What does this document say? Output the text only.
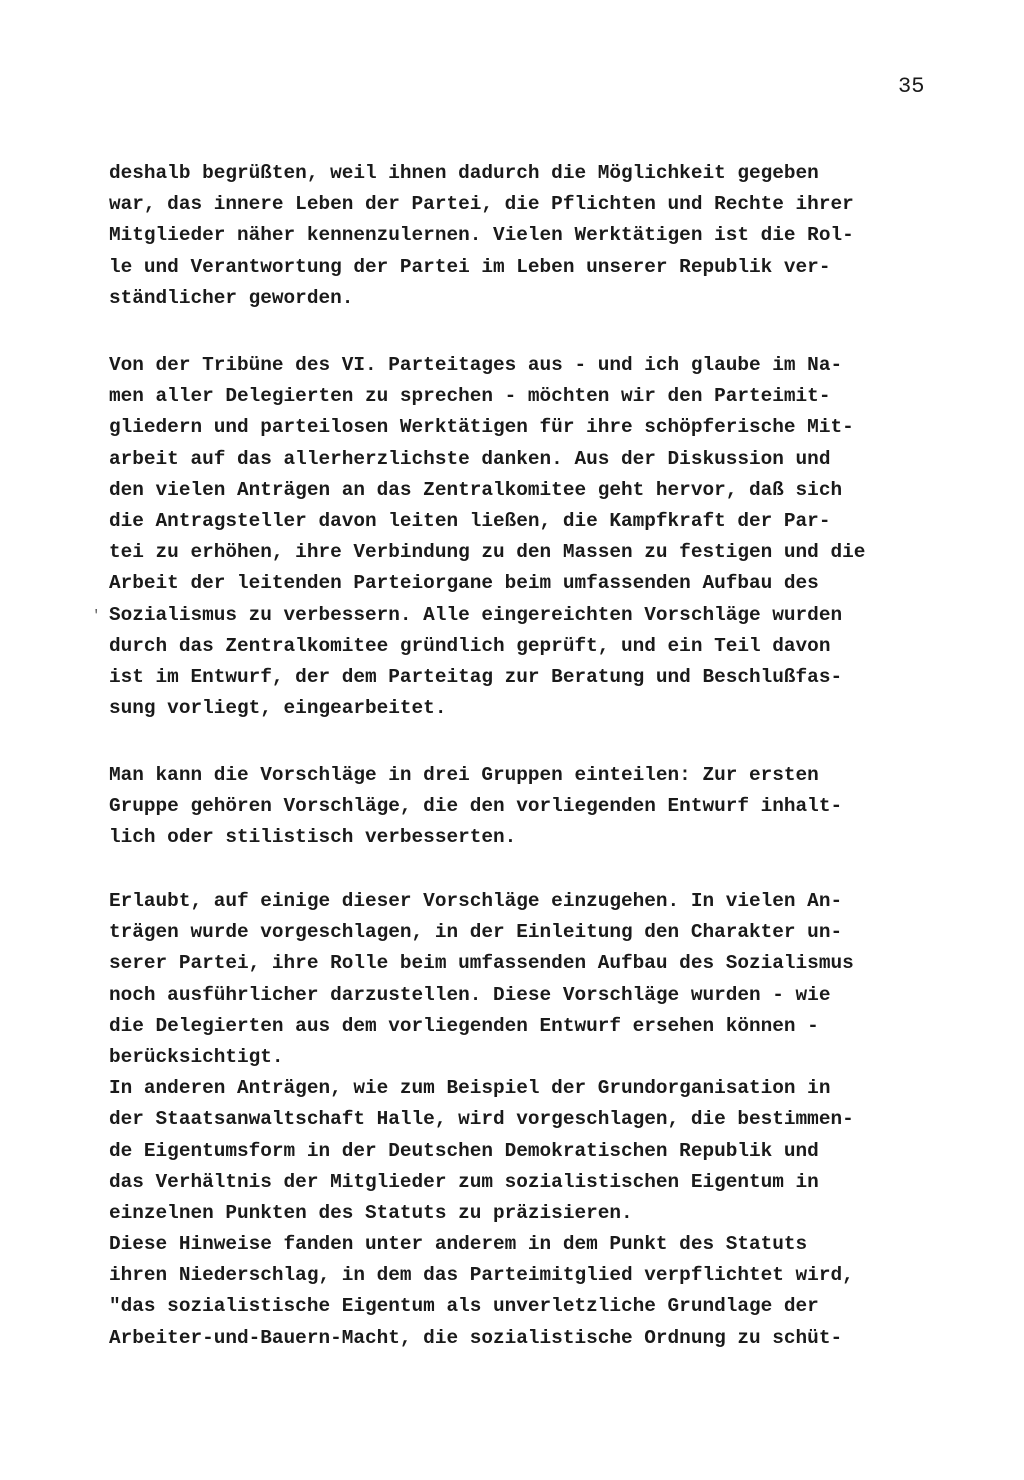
35
'
deshalb begrüßten, weil ihnen dadurch die Möglichkeit gegeben
war, das innere Leben der Partei, die Pflichten und Rechte ihrer
Mitglieder näher kennenzulernen. Vielen Werktätigen ist die Rol-
le und Verantwortung der Partei im Leben unserer Republik ver-
ständlicher geworden.
Von der Tribüne des VI. Parteitages aus - und ich glaube im Na-
men aller Delegierten zu sprechen - möchten wir den Parteimit-
gliedern und parteilosen Werktätigen für ihre schöpferische Mit-
arbeit auf das allerherzlichste danken. Aus der Diskussion und
den vielen Anträgen an das Zentralkomitee geht hervor, daß sich
die Antragsteller davon leiten ließen, die Kampfkraft der Par-
tei zu erhöhen, ihre Verbindung zu den Massen zu festigen und die
Arbeit der leitenden Parteiorgane beim umfassenden Aufbau des
Sozialismus zu verbessern. Alle eingereichten Vorschläge wurden
durch das Zentralkomitee gründlich geprüft, und ein Teil davon
ist im Entwurf, der dem Parteitag zur Beratung und Beschlußfas-
sung vorliegt, eingearbeitet.
Man kann die Vorschläge in drei Gruppen einteilen: Zur ersten
Gruppe gehören Vorschläge, die den vorliegenden Entwurf inhalt-
lich oder stilistisch verbesserten.
Erlaubt, auf einige dieser Vorschläge einzugehen. In vielen An-
trägen wurde vorgeschlagen, in der Einleitung den Charakter un-
serer Partei, ihre Rolle beim umfassenden Aufbau des Sozialismus
noch ausführlicher darzustellen. Diese Vorschläge wurden - wie
die Delegierten aus dem vorliegenden Entwurf ersehen können -
berücksichtigt.
In anderen Anträgen, wie zum Beispiel der Grundorganisation in
der Staatsanwaltschaft Halle, wird vorgeschlagen, die bestimmen-
de Eigentumsform in der Deutschen Demokratischen Republik und
das Verhältnis der Mitglieder zum sozialistischen Eigentum in
einzelnen Punkten des Statuts zu präzisieren.
Diese Hinweise fanden unter anderem in dem Punkt des Statuts
ihren Niederschlag, in dem das Parteimitglied verpflichtet wird,
"das sozialistische Eigentum als unverletzliche Grundlage der
Arbeiter-und-Bauern-Macht, die sozialistische Ordnung zu schüt-
